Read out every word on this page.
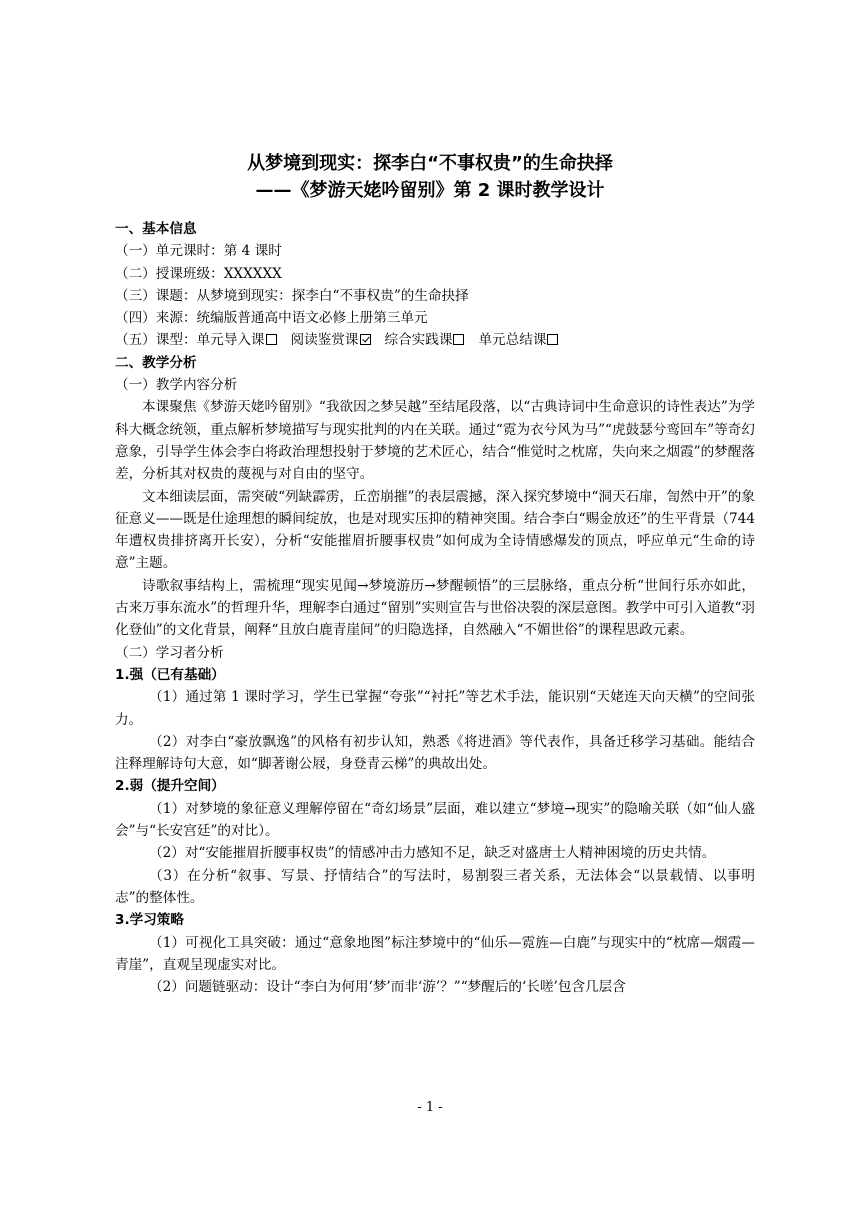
从梦境到现实：探李白“不事权贵”的生命抉择
——《梦游天姥吟留别》第 2 课时教学设计
一、基本信息
（一）单元课时：第 4 课时
（二）授课班级：XXXXXX
（三）课题：从梦境到现实：探李白“不事权贵”的生命抉择
（四）来源：统编版普通高中语文必修上册第三单元
（五）课型：单元导入课 阅读鉴赏课 综合实践课 单元总结课
二、教学分析
（一）教学内容分析

本课聚焦《梦游天姥吟留别》“我欲因之梦吴越”至结尾段落，以“古典诗词中生命意识的诗性表达”为学科大概念统领，重点解析梦境描写与现实批判的内在关联。通过“霓为衣兮风为马”“虎鼓瑟兮鸾回车”等奇幻意象，引导学生体会李白将政治理想投射于梦境的艺术匠心，结合“惟觉时之枕席，失向来之烟霞”的梦醒落差，分析其对权贵的蔑视与对自由的坚守。

文本细读层面，需突破“列缺霹雳，丘峦崩摧”的表层震撼，深入探究梦境中“洞天石扉，訇然中开”的象征意义——既是仕途理想的瞬间绽放，也是对现实压抑的精神突围。结合李白“赐金放还”的生平背景（744 年遭权贵排挤离开长安），分析“安能摧眉折腰事权贵”如何成为全诗情感爆发的顶点，呼应单元“生命的诗意”主题。

诗歌叙事结构上，需梳理“现实见闻→梦境游历→梦醒顿悟”的三层脉络，重点分析“世间行乐亦如此，古来万事东流水”的哲理升华，理解李白通过“留别”实则宣告与世俗决裂的深层意图。教学中可引入道教“羽化登仙”的文化背景，阐释“且放白鹿青崖间”的归隐选择，自然融入“不媚世俗”的课程思政元素。

（二）学习者分析
1.强（已有基础）

（1）通过第 1 课时学习，学生已掌握“夸张”“衬托”等艺术手法，能识别“天姥连天向天横”的空间张力。

（2）对李白“豪放飘逸”的风格有初步认知，熟悉《将进酒》等代表作，具备迁移学习基础。能结合注释理解诗句大意，如“脚著谢公屐，身登青云梯”的典故出处。

2.弱（提升空间）

（1）对梦境的象征意义理解停留在“奇幻场景”层面，难以建立“梦境→现实”的隐喻关联（如“仙人盛会”与“长安宫廷”的对比）。

（2）对“安能摧眉折腰事权贵”的情感冲击力感知不足，缺乏对盛唐士人精神困境的历史共情。

（3）在分析“叙事、写景、抒情结合”的写法时，易割裂三者关系，无法体会“以景载情、以事明志”的整体性。

3.学习策略

（1）可视化工具突破：通过“意象地图”标注梦境中的“仙乐—霓旌—白鹿”与现实中的“枕席—烟霞—青崖”，直观呈现虚实对比。

（2）问题链驱动：设计“李白为何用‘梦’而非‘游’？”“梦醒后的‘长嗟’包含几层含

- 1 -
